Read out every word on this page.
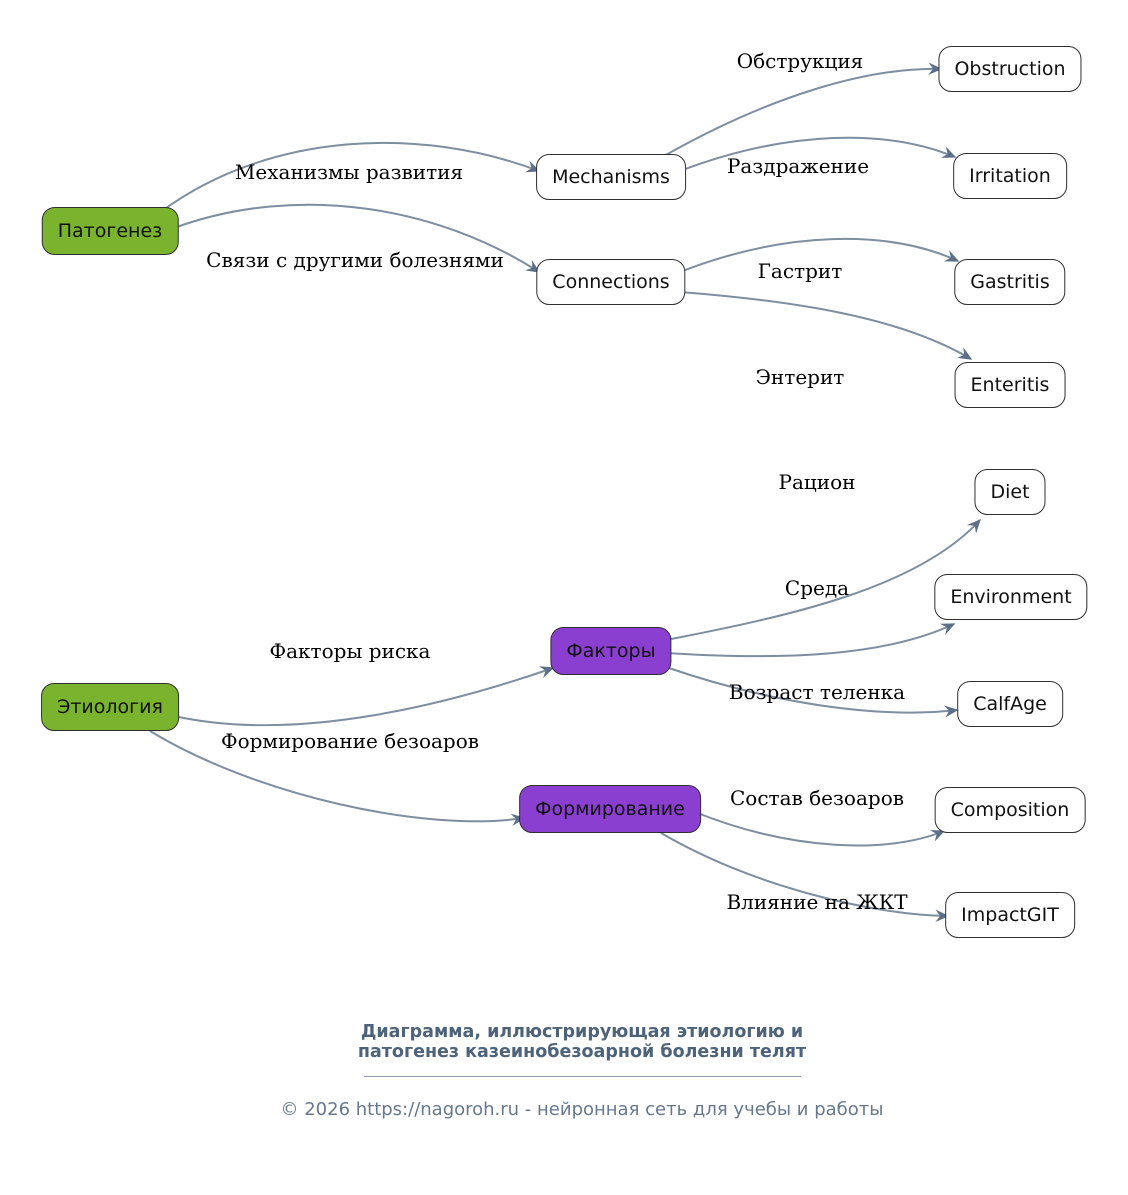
Механизмы развития
Связи с другими болезнями
Обструкция
Раздражение
Гастрит
Энтерит
Факторы риска
Формирование безоаров
Рацион
Среда
Возраст теленка
Состав безоаров
Влияние на ЖКТ
Патогенез
Mechanisms
Obstruction
Irritation
Connections	Gastritis
Enteritis
Этиология
Факторы
Diet
Environment
CalfAge
Формирование	Composition
ImpactGIT
Диаграмма, иллюстрирующая этиологию и
патогенез казеинобезоарной болезни телят
© 2026 https://nagoroh.ru - нейронная сеть для учебы и работы
